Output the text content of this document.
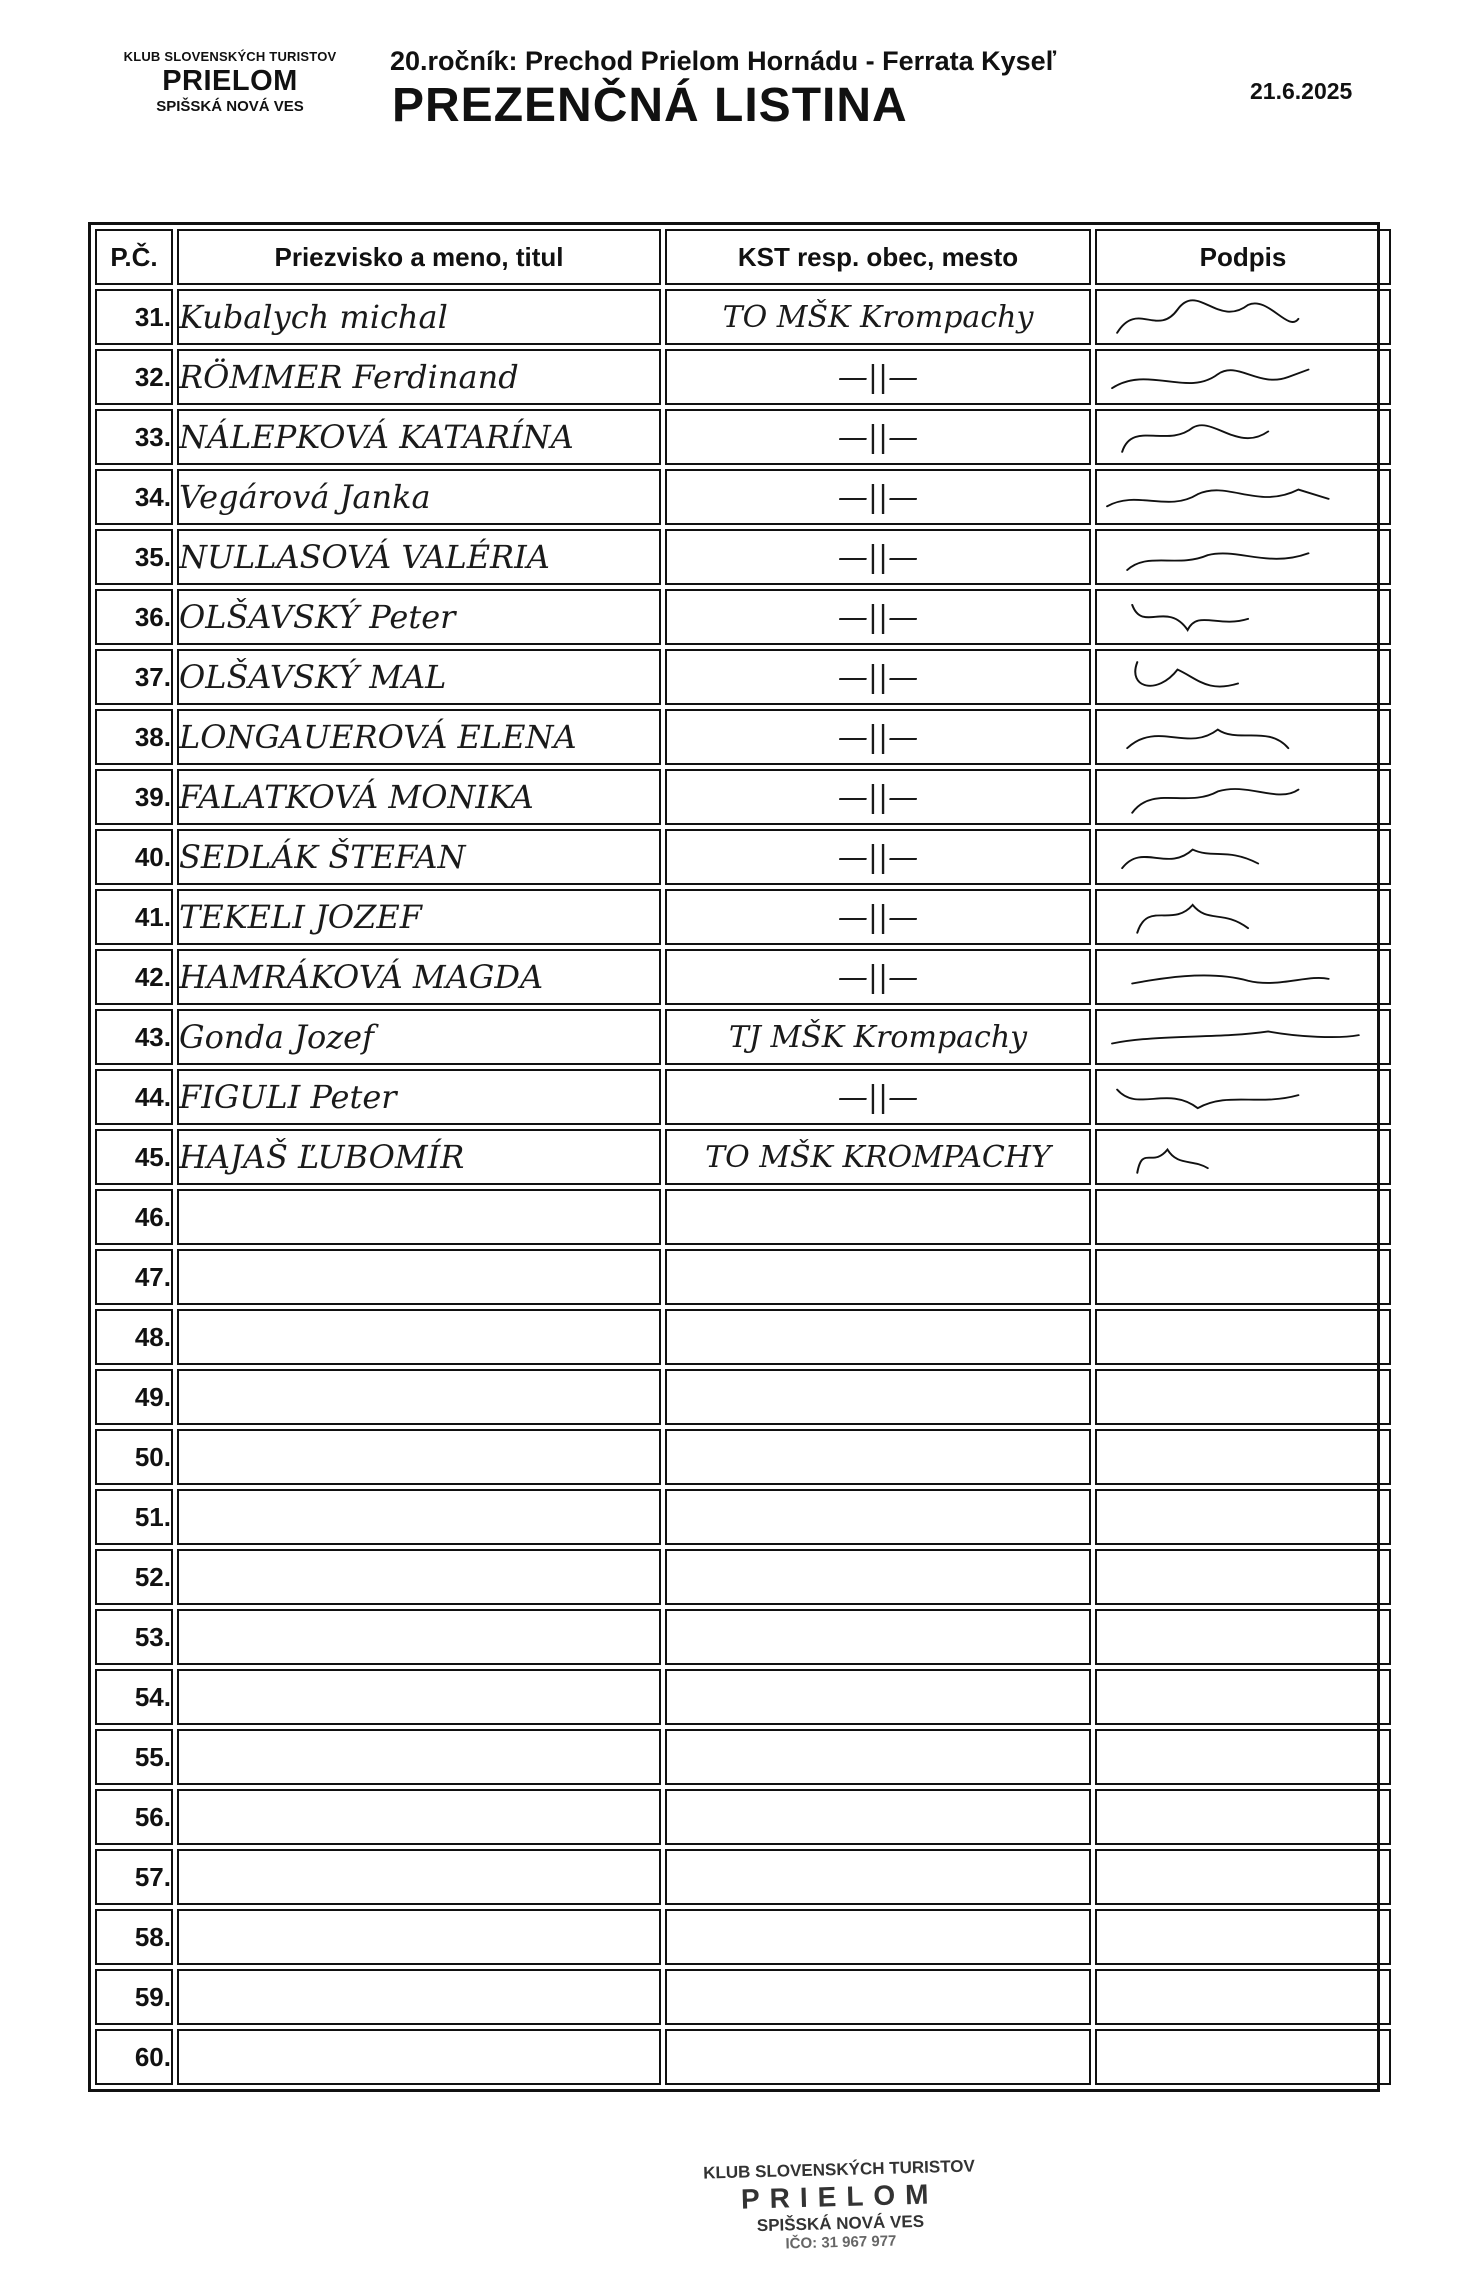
KLUB SLOVENSKÝCH TURISTOV
PRIELOM
SPIŠSKÁ NOVÁ VES
20.ročník: Prechod Prielom Hornádu - Ferrata Kyseľ
PREZENČNÁ LISTINA	21.6.2025
P.Č.	Priezvisko a meno, titul	KST resp. obec, mesto	Podpis
31.	Kubalych michal	TO MŠK Krompachy	

32.	RÖMMER Ferdinand	—||—	

33.	NÁLEPKOVÁ KATARÍNA	—||—	

34.	Vegárová Janka	—||—	

35.	NULLASOVÁ VALÉRIA	—||—	

36.	OLŠAVSKÝ Peter	—||—	

37.	OLŠAVSKÝ MAL	—||—	

38.	LONGAUEROVÁ ELENA	—||—	

39.	FALATKOVÁ MONIKA	—||—	

40.	SEDLÁK ŠTEFAN	—||—	

41.	TEKELI JOZEF	—||—	

42.	HAMRÁKOVÁ MAGDA	—||—	

43.	Gonda Jozef	TJ MŠK Krompachy	

44.	FIGULI Peter	—||—	

45.	HAJAŠ ĽUBOMÍR	TO MŠK KROMPACHY	

46.			
47.			
48.			
49.			
50.			
51.			
52.			
53.			
54.			
55.			
56.			
57.			
58.			
59.			
60.			
KLUB SLOVENSKÝCH TURISTOV
PRIELOM
SPIŠSKÁ NOVÁ VES
IČO: 31 967 977
